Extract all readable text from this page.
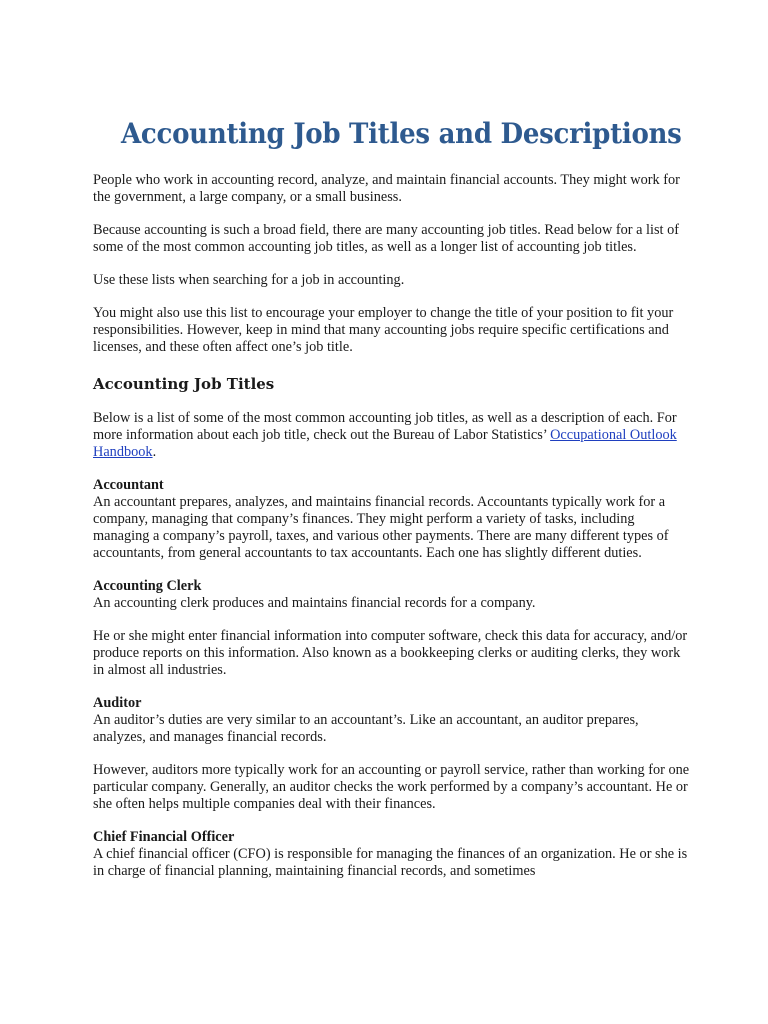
Accounting Job Titles and Descriptions

People who work in accounting record, analyze, and maintain financial accounts. They might work for the government, a large company, or a small business.

Because accounting is such a broad field, there are many accounting job titles. Read below for a list of some of the most common accounting job titles, as well as a longer list of accounting job titles.

Use these lists when searching for a job in accounting.

You might also use this list to encourage your employer to change the title of your position to fit your responsibilities. However, keep in mind that many accounting jobs require specific certifications and licenses, and these often affect one’s job title.

Accounting Job Titles

Below is a list of some of the most common accounting job titles, as well as a description of each. For more information about each job title, check out the Bureau of Labor Statistics’ Occupational Outlook Handbook.

Accountant
An accountant prepares, analyzes, and maintains financial records. Accountants typically work for a company, managing that company’s finances. They might perform a variety of tasks, including managing a company’s payroll, taxes, and various other payments. There are many different types of accountants, from general accountants to tax accountants. Each one has slightly different duties.

Accounting Clerk
An accounting clerk produces and maintains financial records for a company.

He or she might enter financial information into computer software, check this data for accuracy, and/or produce reports on this information. Also known as a bookkeeping clerks or auditing clerks, they work in almost all industries.

Auditor
An auditor’s duties are very similar to an accountant’s. Like an accountant, an auditor prepares, analyzes, and manages financial records.

However, auditors more typically work for an accounting or payroll service, rather than working for one particular company. Generally, an auditor checks the work performed by a company’s accountant. He or she often helps multiple companies deal with their finances.

Chief Financial Officer
A chief financial officer (CFO) is responsible for managing the finances of an organization. He or she is in charge of financial planning, maintaining financial records, and sometimes
